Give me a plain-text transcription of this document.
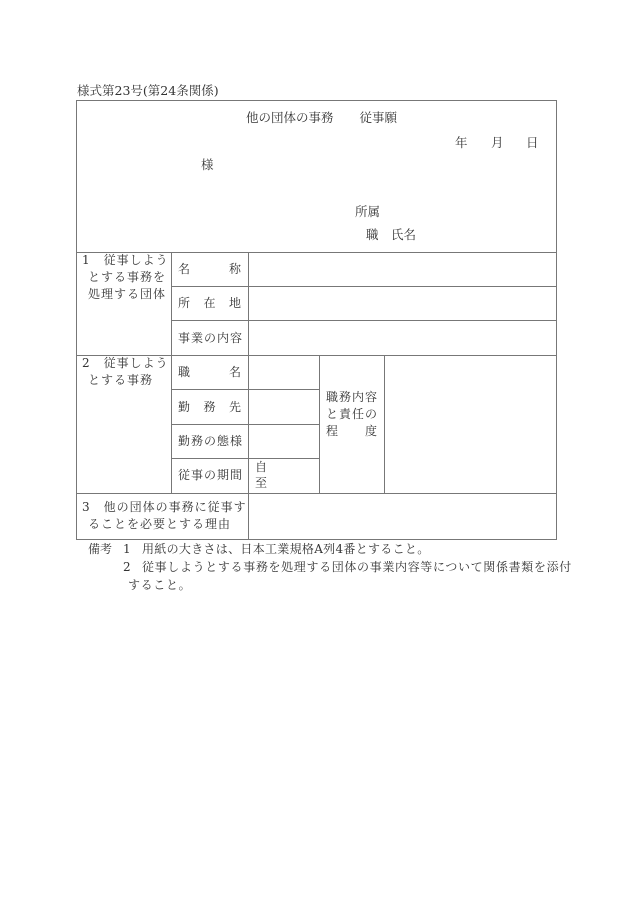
様式第23号(第24条関係)
他の団体の事務 従事願
年 月 日
様
所属
職 氏名
1　従事しよう
とする事務を
処理する団体
名	称
所 在 地
事業の内容
2　従事しよう
とする事務
職	名
勤 務 先
勤務の態様
従事の期間
自
至
職務内容
と責任の
程 度
3　他の団体の事務に従事す
ることを必要とする理由
備考 1 用紙の大きさは、日本工業規格A列4番とすること。
2 従事しようとする事務を処理する団体の事業内容等について関係書類を添付
すること。
